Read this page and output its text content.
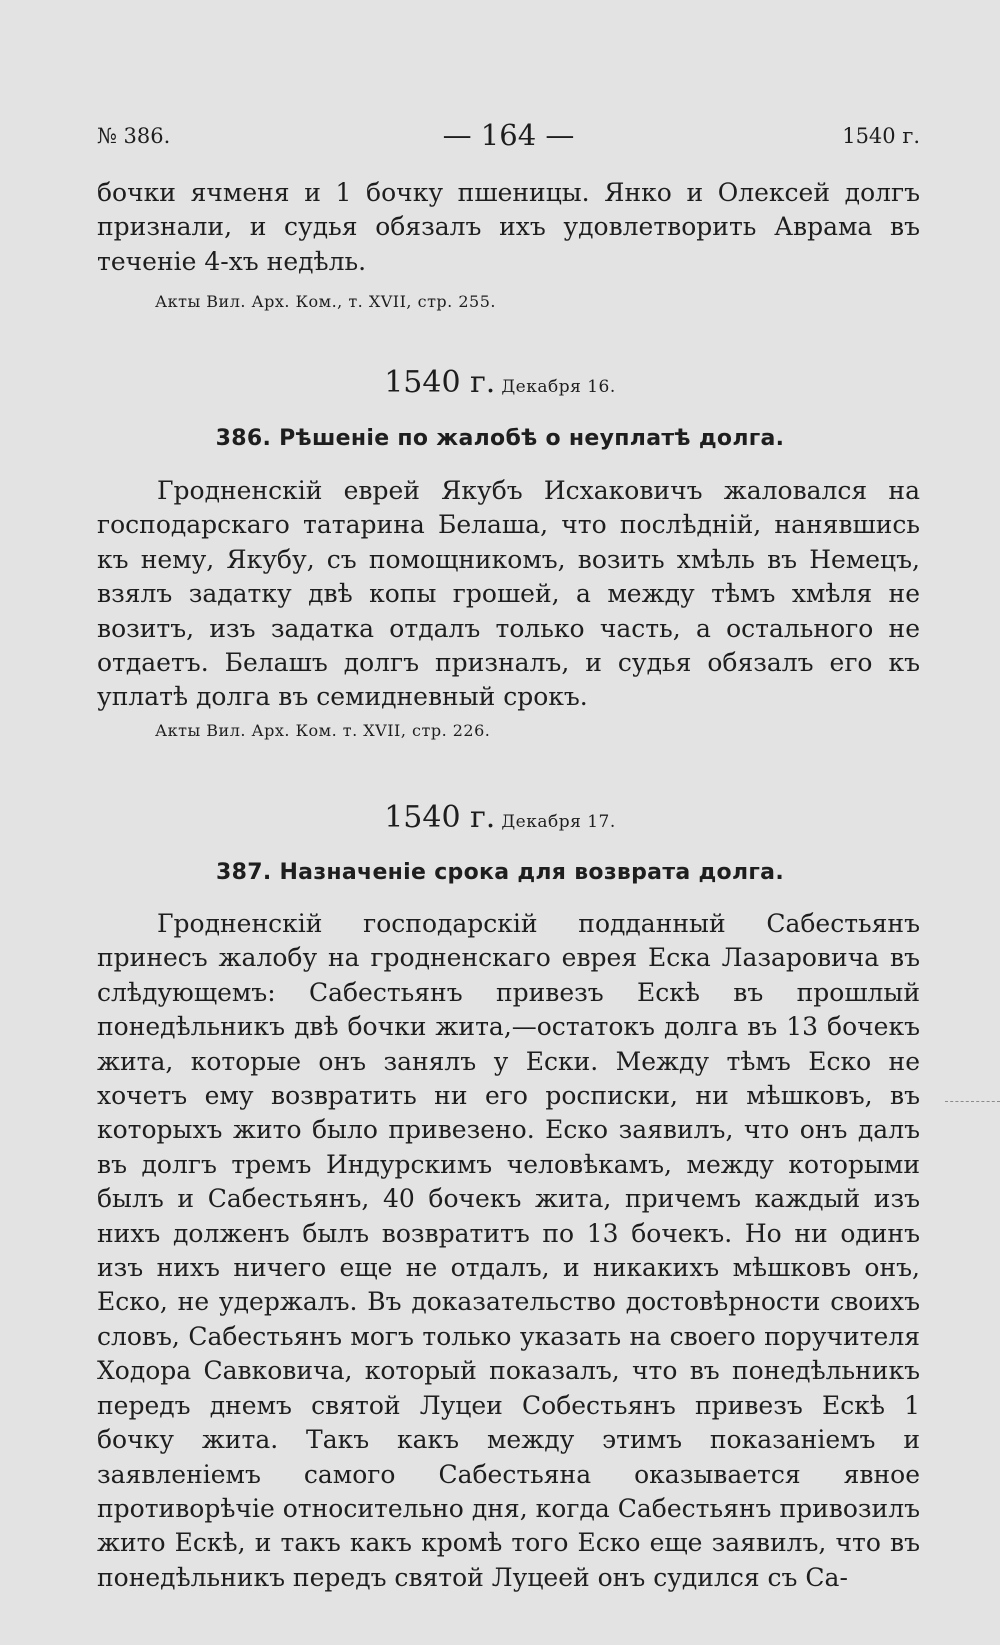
№ 386.	— 164 —	1540 г.

бочки ячменя и 1 бочку пшеницы. Янко и Олексей долгъ признали, и судья обязалъ ихъ удовлетворить Аврама въ теченіе 4-хъ недѣль.

Акты Вил. Арх. Ком., т. XVII, стр. 255.

1540 г. Декабря 16.
386. Рѣшеніе по жалобѣ о неуплатѣ долга.

Гродненскій еврей Якубъ Исхаковичъ жаловался на господарскаго татарина Белаша, что послѣдній, нанявшись къ нему, Якубу, съ помощникомъ, возить хмѣль въ Немецъ, взялъ задатку двѣ копы грошей, а между тѣмъ хмѣля не возитъ, изъ задатка отдалъ только часть, а остального не отдаетъ. Белашъ долгъ призналъ, и судья обязалъ его къ уплатѣ долга въ семидневный срокъ.

Акты Вил. Арх. Ком. т. XVII, стр. 226.

1540 г. Декабря 17.
387. Назначеніе срока для возврата долга.

Гродненскій господарскій подданный Сабестьянъ принесъ жалобу на гродненскаго еврея Еска Лазаровича въ слѣдующемъ: Сабестьянъ привезъ Ескѣ въ прошлый понедѣльникъ двѣ бочки жита,—остатокъ долга въ 13 бочекъ жита, которые онъ занялъ у Ески. Между тѣмъ Еско не хочетъ ему возвратить ни его росписки, ни мѣшковъ, въ которыхъ жито было привезено. Еско заявилъ, что онъ далъ въ долгъ тремъ Индурскимъ человѣкамъ, между которыми былъ и Сабестьянъ, 40 бочекъ жита, причемъ каждый изъ нихъ долженъ былъ возвратитъ по 13 бочекъ. Но ни одинъ изъ нихъ ничего еще не отдалъ, и никакихъ мѣшковъ онъ, Еско, не удержалъ. Въ доказательство достовѣрности своихъ словъ, Сабестьянъ могъ только указать на своего поручителя Ходора Савковича, который показалъ, что въ понедѣльникъ передъ днемъ святой Луцеи Собестьянъ привезъ Ескѣ 1 бочку жита. Такъ какъ между этимъ показаніемъ и заявленіемъ самого Сабестьяна оказывается явное противорѣчіе относительно дня, когда Сабестьянъ привозилъ жито Ескѣ, и такъ какъ кромѣ того Еско еще заявилъ, что въ понедѣльникъ передъ святой Луцеей онъ судился съ Са-
